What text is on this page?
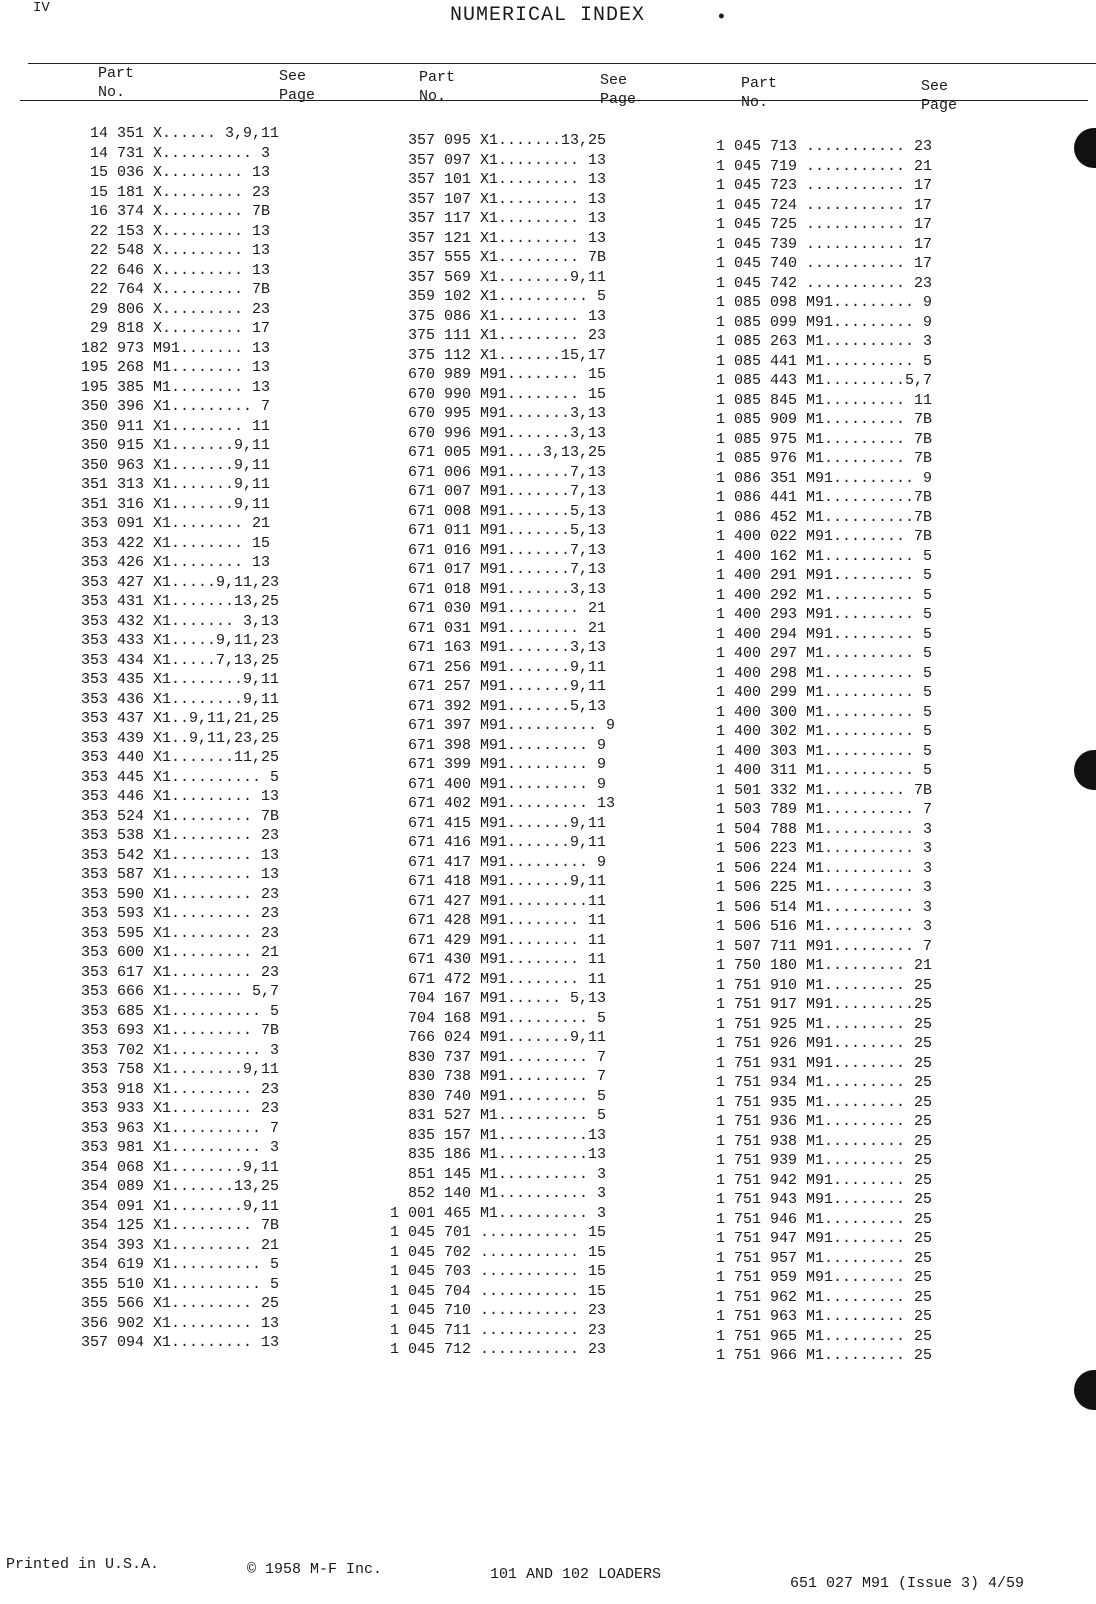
IV	NUMERICAL INDEX	•
Part
No.
See
Page
Part
No.
See
Page
Part
No.
See
Page
14 351 X...... 3,9,11
14 731 X.......... 3
15 036 X......... 13
15 181 X......... 23
16 374 X......... 7B
22 153 X......... 13
22 548 X......... 13
22 646 X......... 13
22 764 X......... 7B
29 806 X......... 23
29 818 X......... 17
182 973 M91....... 13
195 268 M1........ 13
195 385 M1........ 13
350 396 X1......... 7
350 911 X1........ 11
350 915 X1.......9,11
350 963 X1.......9,11
351 313 X1.......9,11
351 316 X1.......9,11
353 091 X1........ 21
353 422 X1........ 15
353 426 X1........ 13
353 427 X1.....9,11,23
353 431 X1.......13,25
353 432 X1....... 3,13
353 433 X1.....9,11,23
353 434 X1.....7,13,25
353 435 X1........9,11
353 436 X1........9,11
353 437 X1..9,11,21,25
353 439 X1..9,11,23,25
353 440 X1.......11,25
353 445 X1.......... 5
353 446 X1......... 13
353 524 X1......... 7B
353 538 X1......... 23
353 542 X1......... 13
353 587 X1......... 13
353 590 X1......... 23
353 593 X1......... 23
353 595 X1......... 23
353 600 X1......... 21
353 617 X1......... 23
353 666 X1........ 5,7
353 685 X1.......... 5
353 693 X1......... 7B
353 702 X1.......... 3
353 758 X1........9,11
353 918 X1......... 23
353 933 X1......... 23
353 963 X1.......... 7
353 981 X1.......... 3
354 068 X1........9,11
354 089 X1.......13,25
354 091 X1........9,11
354 125 X1......... 7B
354 393 X1......... 21
354 619 X1.......... 5
355 510 X1.......... 5
355 566 X1......... 25
356 902 X1......... 13
357 094 X1......... 13
357 095 X1.......13,25
357 097 X1......... 13
357 101 X1......... 13
357 107 X1......... 13
357 117 X1......... 13
357 121 X1......... 13
357 555 X1......... 7B
357 569 X1........9,11
359 102 X1.......... 5
375 086 X1......... 13
375 111 X1......... 23
375 112 X1.......15,17
670 989 M91........ 15
670 990 M91........ 15
670 995 M91.......3,13
670 996 M91.......3,13
671 005 M91....3,13,25
671 006 M91.......7,13
671 007 M91.......7,13
671 008 M91.......5,13
671 011 M91.......5,13
671 016 M91.......7,13
671 017 M91.......7,13
671 018 M91.......3,13
671 030 M91........ 21
671 031 M91........ 21
671 163 M91.......3,13
671 256 M91.......9,11
671 257 M91.......9,11
671 392 M91.......5,13
671 397 M91.......... 9
671 398 M91......... 9
671 399 M91......... 9
671 400 M91......... 9
671 402 M91......... 13
671 415 M91.......9,11
671 416 M91.......9,11
671 417 M91......... 9
671 418 M91.......9,11
671 427 M91.........11
671 428 M91........ 11
671 429 M91........ 11
671 430 M91........ 11
671 472 M91........ 11
704 167 M91...... 5,13
704 168 M91......... 5
766 024 M91.......9,11
830 737 M91......... 7
830 738 M91......... 7
830 740 M91......... 5
831 527 M1.......... 5
835 157 M1..........13
835 186 M1..........13
851 145 M1.......... 3
852 140 M1.......... 3
1 001 465 M1.......... 3
1 045 701 ........... 15
1 045 702 ........... 15
1 045 703 ........... 15
1 045 704 ........... 15
1 045 710 ........... 23
1 045 711 ........... 23
1 045 712 ........... 23
1 045 713 ........... 23
1 045 719 ........... 21
1 045 723 ........... 17
1 045 724 ........... 17
1 045 725 ........... 17
1 045 739 ........... 17
1 045 740 ........... 17
1 045 742 ........... 23
1 085 098 M91......... 9
1 085 099 M91......... 9
1 085 263 M1.......... 3
1 085 441 M1.......... 5
1 085 443 M1.........5,7
1 085 845 M1......... 11
1 085 909 M1......... 7B
1 085 975 M1......... 7B
1 085 976 M1......... 7B
1 086 351 M91......... 9
1 086 441 M1..........7B
1 086 452 M1..........7B
1 400 022 M91........ 7B
1 400 162 M1.......... 5
1 400 291 M91......... 5
1 400 292 M1.......... 5
1 400 293 M91......... 5
1 400 294 M91......... 5
1 400 297 M1.......... 5
1 400 298 M1.......... 5
1 400 299 M1.......... 5
1 400 300 M1.......... 5
1 400 302 M1.......... 5
1 400 303 M1.......... 5
1 400 311 M1.......... 5
1 501 332 M1......... 7B
1 503 789 M1.......... 7
1 504 788 M1.......... 3
1 506 223 M1.......... 3
1 506 224 M1.......... 3
1 506 225 M1.......... 3
1 506 514 M1.......... 3
1 506 516 M1.......... 3
1 507 711 M91......... 7
1 750 180 M1......... 21
1 751 910 M1......... 25
1 751 917 M91.........25
1 751 925 M1......... 25
1 751 926 M91........ 25
1 751 931 M91........ 25
1 751 934 M1......... 25
1 751 935 M1......... 25
1 751 936 M1......... 25
1 751 938 M1......... 25
1 751 939 M1......... 25
1 751 942 M91........ 25
1 751 943 M91........ 25
1 751 946 M1......... 25
1 751 947 M91........ 25
1 751 957 M1......... 25
1 751 959 M91........ 25
1 751 962 M1......... 25
1 751 963 M1......... 25
1 751 965 M1......... 25
1 751 966 M1......... 25
Printed in U.S.A.	© 1958 M-F Inc.	101 AND 102 LOADERS
651 027 M91 (Issue 3) 4/59
